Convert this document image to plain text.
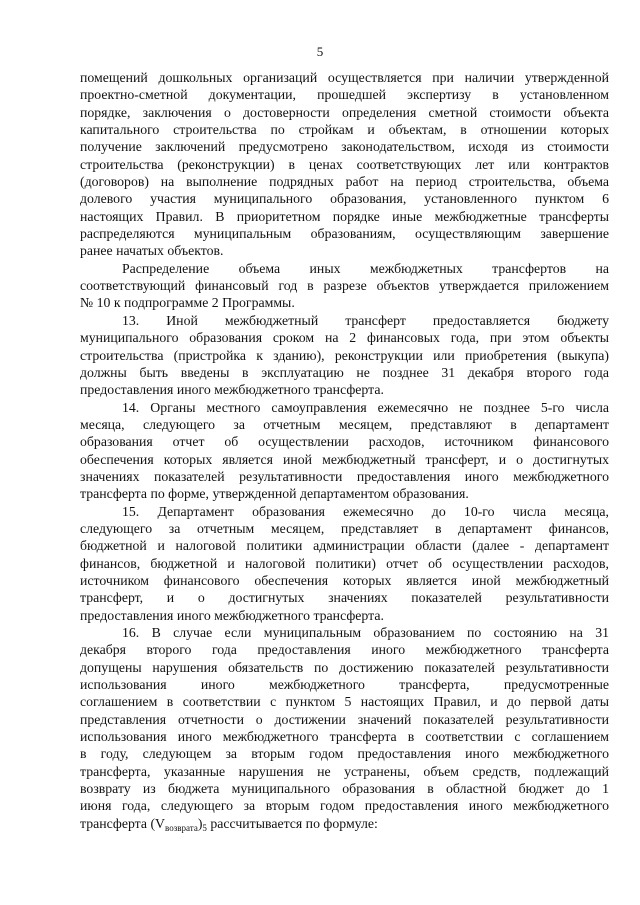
5
помещений дошкольных организаций осуществляется при наличии утвержденной
проектно-сметной документации, прошедшей экспертизу в установленном
порядке, заключения о достоверности определения сметной стоимости объекта
капитального строительства по стройкам и объектам, в отношении которых
получение заключений предусмотрено законодательством, исходя из стоимости
строительства (реконструкции) в ценах соответствующих лет или контрактов
(договоров) на выполнение подрядных работ на период строительства, объема
долевого участия муниципального образования, установленного пунктом 6
настоящих Правил. В приоритетном порядке иные межбюджетные трансферты
распределяются муниципальным образованиям, осуществляющим завершение
ранее начатых объектов.
Распределение объема иных межбюджетных трансфертов на
соответствующий финансовый год в разрезе объектов утверждается приложением
№ 10 к подпрограмме 2 Программы.
13. Иной межбюджетный трансферт предоставляется бюджету
муниципального образования сроком на 2 финансовых года, при этом объекты
строительства (пристройка к зданию), реконструкции или приобретения (выкупа)
должны быть введены в эксплуатацию не позднее 31 декабря второго года
предоставления иного межбюджетного трансферта.
14. Органы местного самоуправления ежемесячно не позднее 5-го числа
месяца, следующего за отчетным месяцем, представляют в департамент
образования отчет об осуществлении расходов, источником финансового
обеспечения которых является иной межбюджетный трансферт, и о достигнутых
значениях показателей результативности предоставления иного межбюджетного
трансферта по форме, утвержденной департаментом образования.
15. Департамент образования ежемесячно до 10-го числа месяца,
следующего за отчетным месяцем, представляет в департамент финансов,
бюджетной и налоговой политики администрации области (далее - департамент
финансов, бюджетной и налоговой политики) отчет об осуществлении расходов,
источником финансового обеспечения которых является иной межбюджетный
трансферт, и о достигнутых значениях показателей результативности
предоставления иного межбюджетного трансферта.
16. В случае если муниципальным образованием по состоянию на 31
декабря второго года предоставления иного межбюджетного трансферта
допущены нарушения обязательств по достижению показателей результативности
использования иного межбюджетного трансферта, предусмотренные
соглашением в соответствии с пунктом 5 настоящих Правил, и до первой даты
представления отчетности о достижении значений показателей результативности
использования иного межбюджетного трансферта в соответствии с соглашением
в году, следующем за вторым годом предоставления иного межбюджетного
трансферта, указанные нарушения не устранены, объем средств, подлежащий
возврату из бюджета муниципального образования в областной бюджет до 1
июня года, следующего за вторым годом предоставления иного межбюджетного
трансферта $(V_{возврата})_5$ рассчитывается по формуле:
